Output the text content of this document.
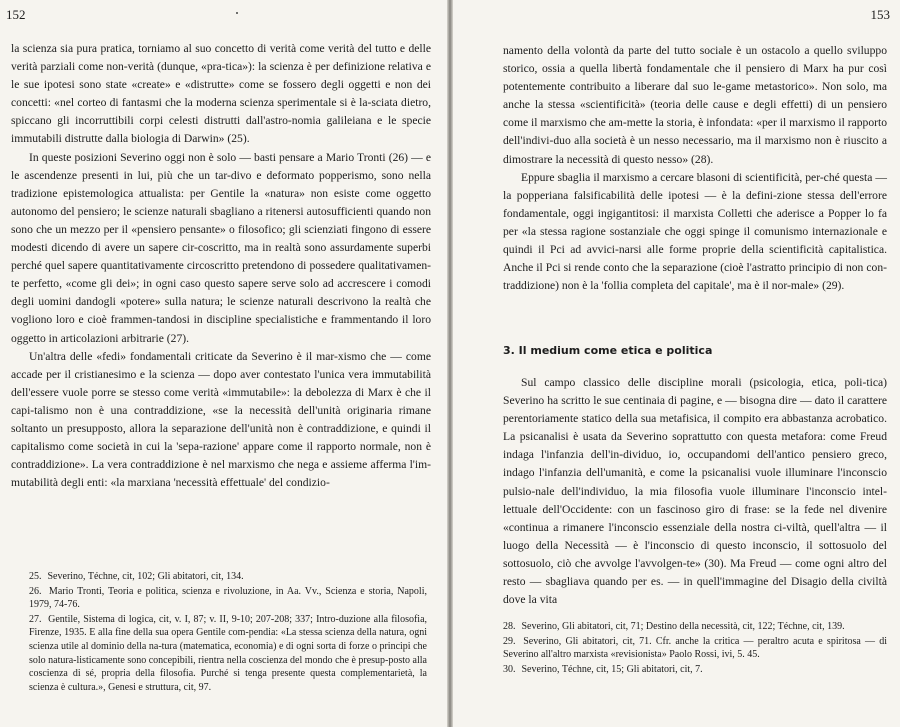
152

la scienza sia pura pratica, torniamo al suo concetto di verità come verità del tutto e delle verità parziali come non-verità (dunque, «pra-tica»): la scienza è per definizione relativa e le sue ipotesi sono state «create» e «distrutte» come se fossero degli oggetti e non dei concetti: «nel corteo di fantasmi che la moderna scienza sperimentale si è la-sciata dietro, spiccano gli incorruttibili corpi celesti distrutti dall'astro-nomia galileiana e le specie immutabili distrutte dalla biologia di Darwin» (25).

In queste posizioni Severino oggi non è solo — basti pensare a Mario Tronti (26) — e le ascendenze presenti in lui, più che un tar-divo e deformato popperismo, sono nella tradizione epistemologica attualista: per Gentile la «natura» non esiste come oggetto autonomo del pensiero; le scienze naturali sbagliano a ritenersi autosufficienti quando non sono che un mezzo per il «pensiero pensante» o filosofico; gli scienziati fingono di essere modesti dicendo di avere un sapere cir-coscritto, ma in realtà sono assurdamente superbi perché quel sapere quantitativamente circoscritto pretendono di possedere qualitativamen-te perfetto, «come gli dei»; in ogni caso questo sapere serve solo ad accrescere i comodi degli uomini dandogli «potere» sulla natura; le scienze naturali descrivono la realtà che vogliono loro e cioè frammen-tandosi in discipline specialistiche e frammentando il loro oggetto in articolazioni arbitrarie (27).

Un'altra delle «fedi» fondamentali criticate da Severino è il mar-xismo che — come accade per il cristianesimo e la scienza — dopo aver contestato l'unica vera immutabilità dell'essere vuole porre se stesso come verità «immutabile»: la debolezza di Marx è che il capi-talismo non è una contraddizione, «se la necessità dell'unità originaria rimane soltanto un presupposto, allora la separazione dell'unità non è contraddizione, e quindi il capitalismo come società in cui la 'sepa-razione' appare come il rapporto normale, non è contraddizione». La vera contraddizione è nel marxismo che nega e assieme afferma l'im-mutabilità degli enti: «la marxiana 'necessità effettuale' del condizio-

25. Severino, Téchne, cit, 102; Gli abitatori, cit, 134.
26. Mario Tronti, Teoria e politica, scienza e rivoluzione, in Aa. Vv., Scienza e storia, Napoli, 1979, 74-76.
27. Gentile, Sistema di logica, cit, v. I, 87; v. II, 9-10; 207-208; 337; Intro-duzione alla filosofia, Firenze, 1935. E alla fine della sua opera Gentile com-pendia: «La stessa scienza della natura, ogni scienza utile al dominio della na-tura (matematica, economia) e di ogni sorta di forze o principi che solo natura-listicamente sono concepibili, rientra nella coscienza del mondo che è presup-posto alla coscienza di sé, propria della filosofia. Purché si tenga presente questa complementarietà, la scienza è cultura.», Genesi e struttura, cit, 97.
153

namento della volontà da parte del tutto sociale è un ostacolo a quello sviluppo storico, ossia a quella libertà fondamentale che il pensiero di Marx ha pur così potentemente contribuito a liberare dal suo le-game metastorico». Non solo, ma anche la stessa «scientificità» (teoria delle cause e degli effetti) di un pensiero come il marxismo che am-mette la storia, è infondata: «per il marxismo il rapporto dell'indivi-duo alla società è un nesso necessario, ma il marxismo non è riuscito a dimostrare la necessità di questo nesso» (28).

Eppure sbaglia il marxismo a cercare blasoni di scientificità, per-ché questa — la popperiana falsificabilità delle ipotesi — è la defini-zione stessa dell'errore fondamentale, oggi ingigantitosi: il marxista Colletti che aderisce a Popper lo fa per «la stessa ragione sostanziale che oggi spinge il comunismo internazionale e quindi il Pci ad avvici-narsi alle forme proprie della scientificità capitalistica. Anche il Pci si rende conto che la separazione (cioè l'astratto principio di non con-traddizione) non è la 'follia completa del capitale', ma è il nor-male» (29).

3. Il medium come etica e politica

Sul campo classico delle discipline morali (psicologia, etica, poli-tica) Severino ha scritto le sue centinaia di pagine, e — bisogna dire — dato il carattere perentoriamente statico della sua metafisica, il compito era abbastanza acrobatico. La psicanalisi è usata da Severino soprattutto con questa metafora: come Freud indaga l'infanzia dell'in-dividuo, io, occupandomi dell'antico pensiero greco, indago l'infanzia dell'umanità, e come la psicanalisi vuole illuminare l'inconscio pulsio-nale dell'individuo, la mia filosofia vuole illuminare l'inconscio intel-lettuale dell'Occidente: con un fascinoso giro di frase: se la fede nel divenire «continua a rimanere l'inconscio essenziale della nostra ci-viltà, quell'altra — il luogo della Necessità — è l'inconscio di questo inconscio, il sottosuolo del sottosuolo, ciò che avvolge l'avvolgen-te» (30). Ma Freud — come ogni altro del resto — sbagliava quando per es. — in quell'immagine del Disagio della civiltà dove la vita

28. Severino, Gli abitatori, cit, 71; Destino della necessità, cit, 122; Téchne, cit, 139.
29. Severino, Gli abitatori, cit, 71. Cfr. anche la critica — peraltro acuta e spiritosa — di Severino all'altro marxista «revisionista» Paolo Rossi, ivi, 5. 45.
30. Severino, Téchne, cit, 15; Gli abitatori, cit, 7.
